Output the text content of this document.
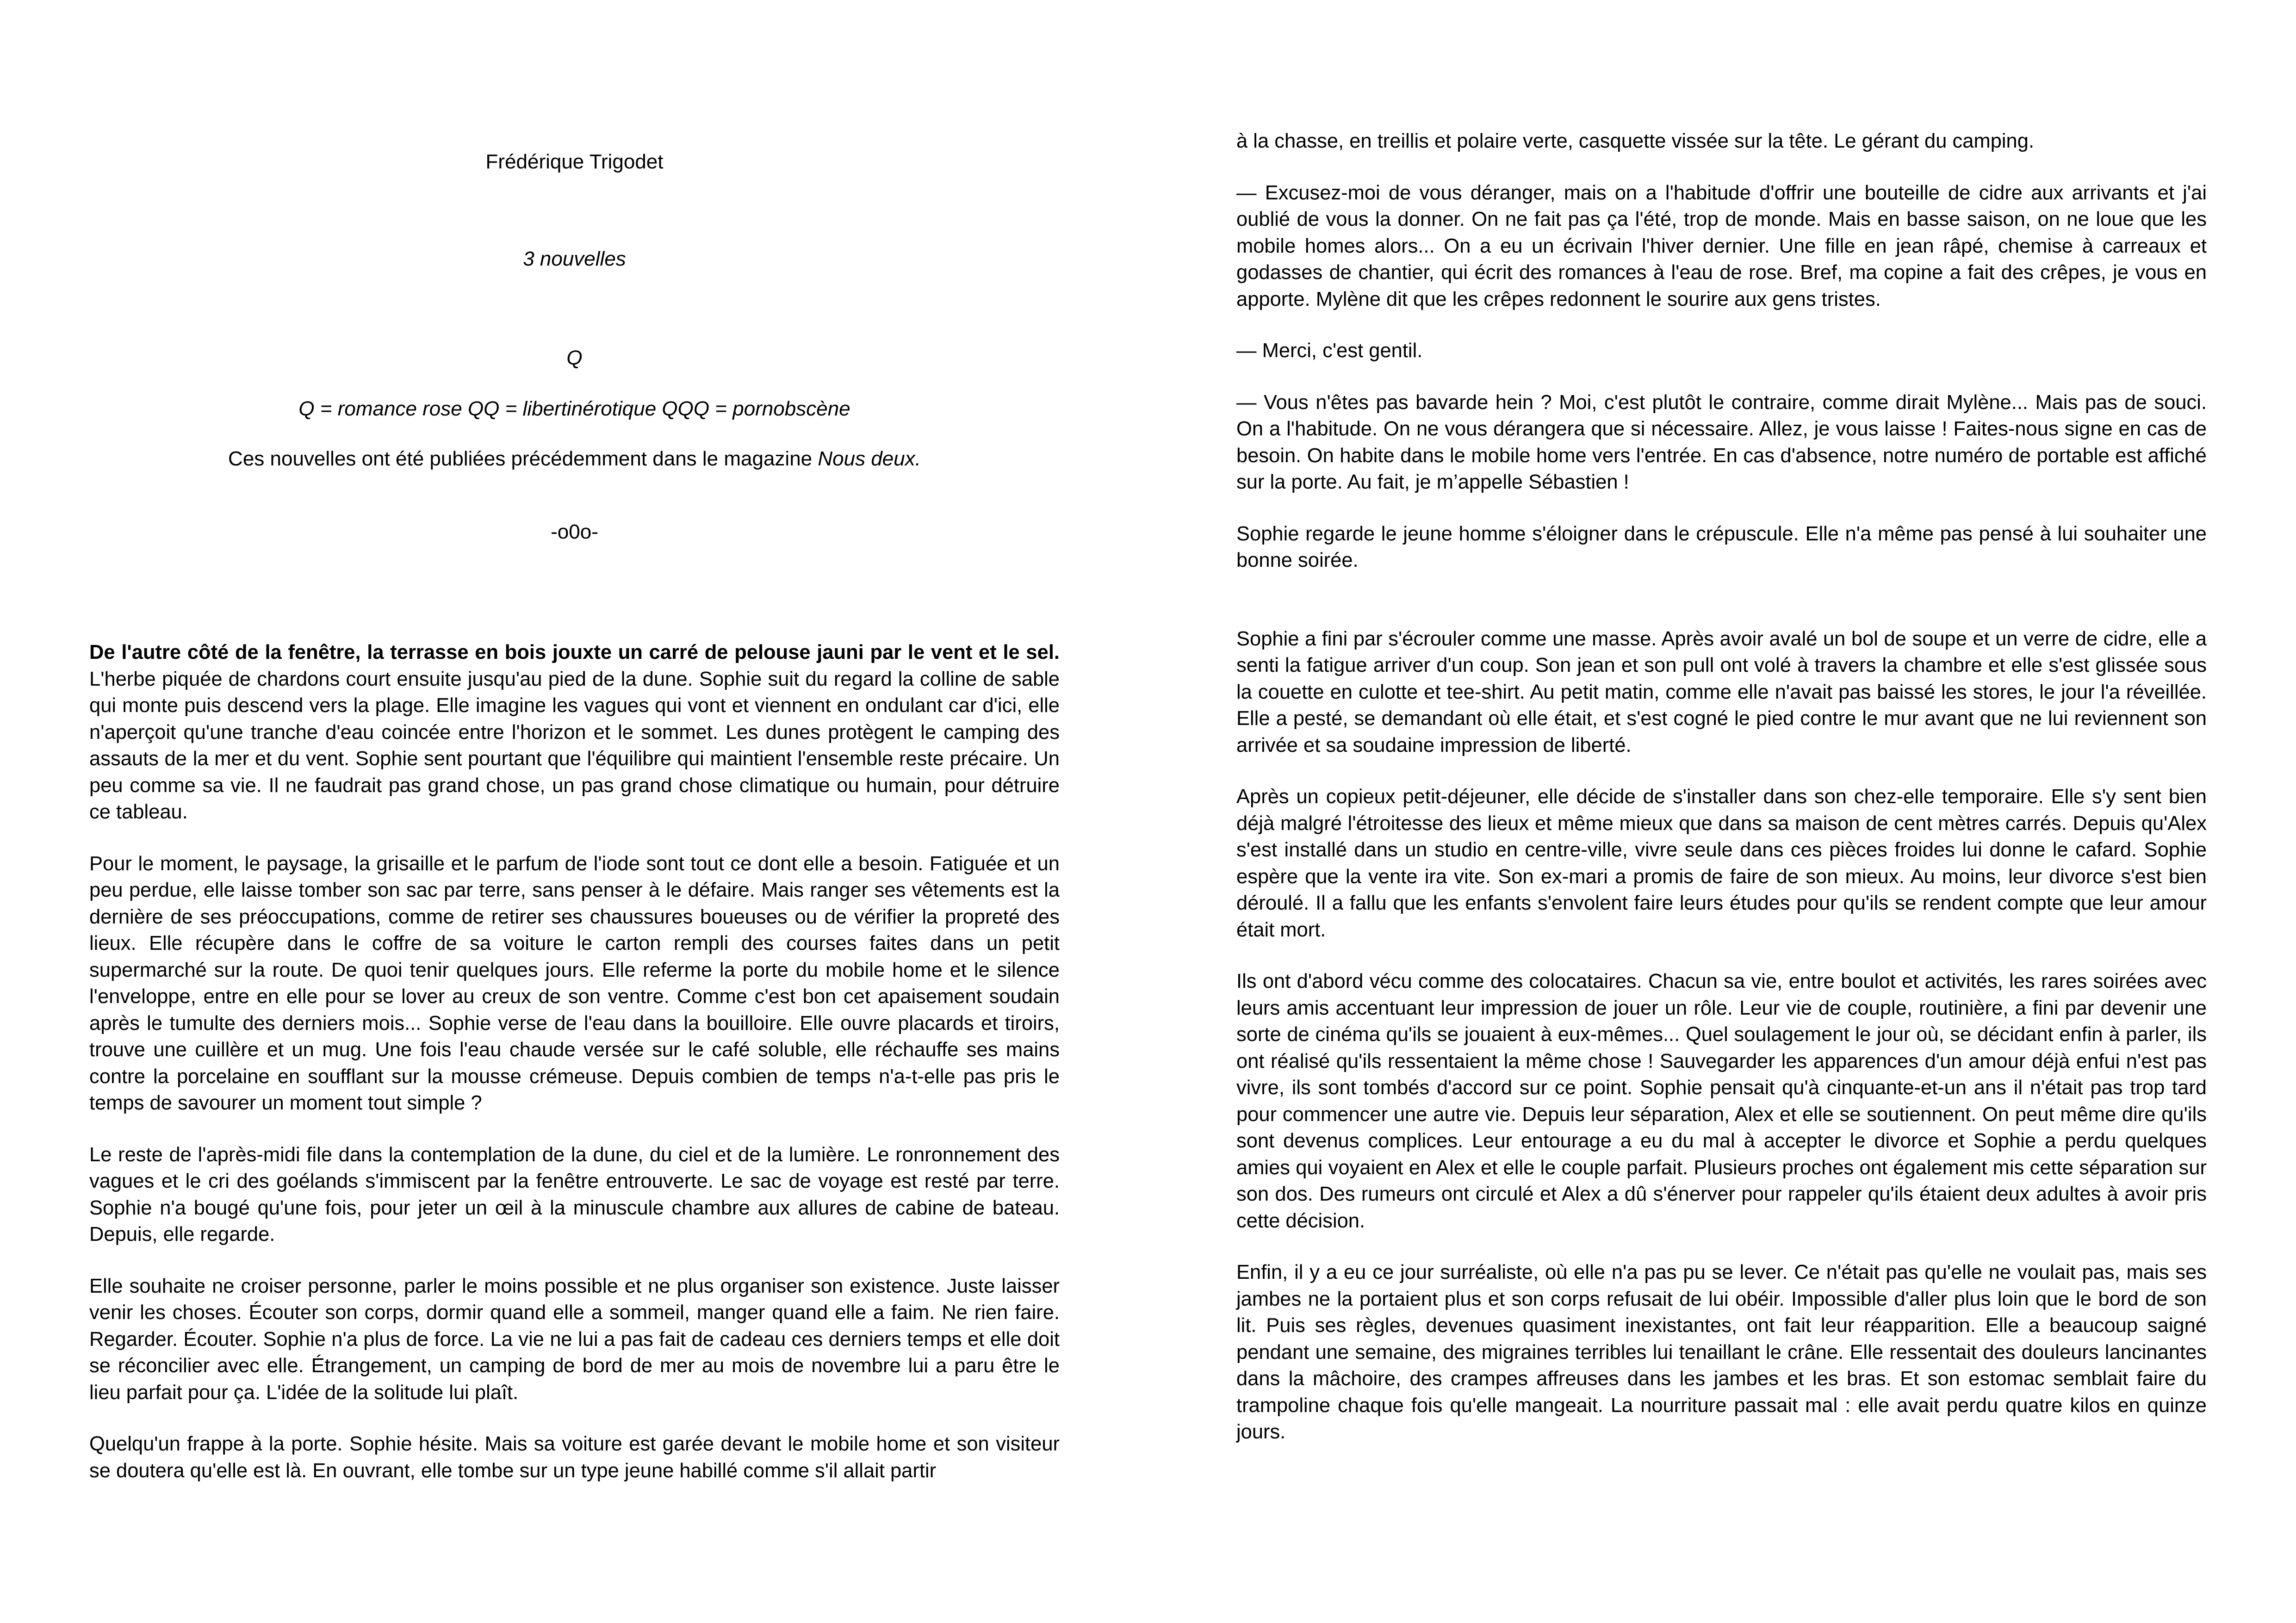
Frédérique Trigodet

3 nouvelles

Q

Q = romance rose QQ = libertinérotique QQQ = pornobscène

Ces nouvelles ont été publiées précédemment dans le magazine Nous deux.

-o0o-

De l'autre côté de la fenêtre, la terrasse en bois jouxte un carré de pelouse jauni par le vent et le sel. L'herbe piquée de chardons court ensuite jusqu'au pied de la dune. Sophie suit du regard la colline de sable qui monte puis descend vers la plage. Elle imagine les vagues qui vont et viennent en ondulant car d'ici, elle n'aperçoit qu'une tranche d'eau coincée entre l'horizon et le sommet. Les dunes protègent le camping des assauts de la mer et du vent. Sophie sent pourtant que l'équilibre qui maintient l'ensemble reste précaire. Un peu comme sa vie. Il ne faudrait pas grand chose, un pas grand chose climatique ou humain, pour détruire ce tableau.

Pour le moment, le paysage, la grisaille et le parfum de l'iode sont tout ce dont elle a besoin. Fatiguée et un peu perdue, elle laisse tomber son sac par terre, sans penser à le défaire. Mais ranger ses vêtements est la dernière de ses préoccupations, comme de retirer ses chaussures boueuses ou de vérifier la propreté des lieux. Elle récupère dans le coffre de sa voiture le carton rempli des courses faites dans un petit supermarché sur la route. De quoi tenir quelques jours. Elle referme la porte du mobile home et le silence l'enveloppe, entre en elle pour se lover au creux de son ventre. Comme c'est bon cet apaisement soudain après le tumulte des derniers mois... Sophie verse de l'eau dans la bouilloire. Elle ouvre placards et tiroirs, trouve une cuillère et un mug. Une fois l'eau chaude versée sur le café soluble, elle réchauffe ses mains contre la porcelaine en soufflant sur la mousse crémeuse. Depuis combien de temps n'a-t-elle pas pris le temps de savourer un moment tout simple ?

Le reste de l'après-midi file dans la contemplation de la dune, du ciel et de la lumière. Le ronronnement des vagues et le cri des goélands s'immiscent par la fenêtre entrouverte. Le sac de voyage est resté par terre. Sophie n'a bougé qu'une fois, pour jeter un œil à la minuscule chambre aux allures de cabine de bateau. Depuis, elle regarde.

Elle souhaite ne croiser personne, parler le moins possible et ne plus organiser son existence. Juste laisser venir les choses. Écouter son corps, dormir quand elle a sommeil, manger quand elle a faim. Ne rien faire. Regarder. Écouter. Sophie n'a plus de force. La vie ne lui a pas fait de cadeau ces derniers temps et elle doit se réconcilier avec elle. Étrangement, un camping de bord de mer au mois de novembre lui a paru être le lieu parfait pour ça. L'idée de la solitude lui plaît.

Quelqu'un frappe à la porte. Sophie hésite. Mais sa voiture est garée devant le mobile home et son visiteur se doutera qu'elle est là. En ouvrant, elle tombe sur un type jeune habillé comme s'il allait partir

à la chasse, en treillis et polaire verte, casquette vissée sur la tête. Le gérant du camping.

— Excusez-moi de vous déranger, mais on a l'habitude d'offrir une bouteille de cidre aux arrivants et j'ai oublié de vous la donner. On ne fait pas ça l'été, trop de monde. Mais en basse saison, on ne loue que les mobile homes alors... On a eu un écrivain l'hiver dernier. Une fille en jean râpé, chemise à carreaux et godasses de chantier, qui écrit des romances à l'eau de rose. Bref, ma copine a fait des crêpes, je vous en apporte. Mylène dit que les crêpes redonnent le sourire aux gens tristes.

— Merci, c'est gentil.

— Vous n'êtes pas bavarde hein ? Moi, c'est plutôt le contraire, comme dirait Mylène... Mais pas de souci. On a l'habitude. On ne vous dérangera que si nécessaire. Allez, je vous laisse ! Faites-nous signe en cas de besoin. On habite dans le mobile home vers l'entrée. En cas d'absence, notre numéro de portable est affiché sur la porte. Au fait, je m’appelle Sébastien !

Sophie regarde le jeune homme s'éloigner dans le crépuscule. Elle n'a même pas pensé à lui souhaiter une bonne soirée.

Sophie a fini par s'écrouler comme une masse. Après avoir avalé un bol de soupe et un verre de cidre, elle a senti la fatigue arriver d'un coup. Son jean et son pull ont volé à travers la chambre et elle s'est glissée sous la couette en culotte et tee-shirt. Au petit matin, comme elle n'avait pas baissé les stores, le jour l'a réveillée. Elle a pesté, se demandant où elle était, et s'est cogné le pied contre le mur avant que ne lui reviennent son arrivée et sa soudaine impression de liberté.

Après un copieux petit-déjeuner, elle décide de s'installer dans son chez-elle temporaire. Elle s'y sent bien déjà malgré l'étroitesse des lieux et même mieux que dans sa maison de cent mètres carrés. Depuis qu'Alex s'est installé dans un studio en centre-ville, vivre seule dans ces pièces froides lui donne le cafard. Sophie espère que la vente ira vite. Son ex-mari a promis de faire de son mieux. Au moins, leur divorce s'est bien déroulé. Il a fallu que les enfants s'envolent faire leurs études pour qu'ils se rendent compte que leur amour était mort.

Ils ont d'abord vécu comme des colocataires. Chacun sa vie, entre boulot et activités, les rares soirées avec leurs amis accentuant leur impression de jouer un rôle. Leur vie de couple, routinière, a fini par devenir une sorte de cinéma qu'ils se jouaient à eux-mêmes... Quel soulagement le jour où, se décidant enfin à parler, ils ont réalisé qu'ils ressentaient la même chose ! Sauvegarder les apparences d'un amour déjà enfui n'est pas vivre, ils sont tombés d'accord sur ce point. Sophie pensait qu'à cinquante-et-un ans il n'était pas trop tard pour commencer une autre vie. Depuis leur séparation, Alex et elle se soutiennent. On peut même dire qu'ils sont devenus complices. Leur entourage a eu du mal à accepter le divorce et Sophie a perdu quelques amies qui voyaient en Alex et elle le couple parfait. Plusieurs proches ont également mis cette séparation sur son dos. Des rumeurs ont circulé et Alex a dû s'énerver pour rappeler qu'ils étaient deux adultes à avoir pris cette décision.

Enfin, il y a eu ce jour surréaliste, où elle n'a pas pu se lever. Ce n'était pas qu'elle ne voulait pas, mais ses jambes ne la portaient plus et son corps refusait de lui obéir. Impossible d'aller plus loin que le bord de son lit. Puis ses règles, devenues quasiment inexistantes, ont fait leur réapparition. Elle a beaucoup saigné pendant une semaine, des migraines terribles lui tenaillant le crâne. Elle ressentait des douleurs lancinantes dans la mâchoire, des crampes affreuses dans les jambes et les bras. Et son estomac semblait faire du trampoline chaque fois qu'elle mangeait. La nourriture passait mal : elle avait perdu quatre kilos en quinze jours.
